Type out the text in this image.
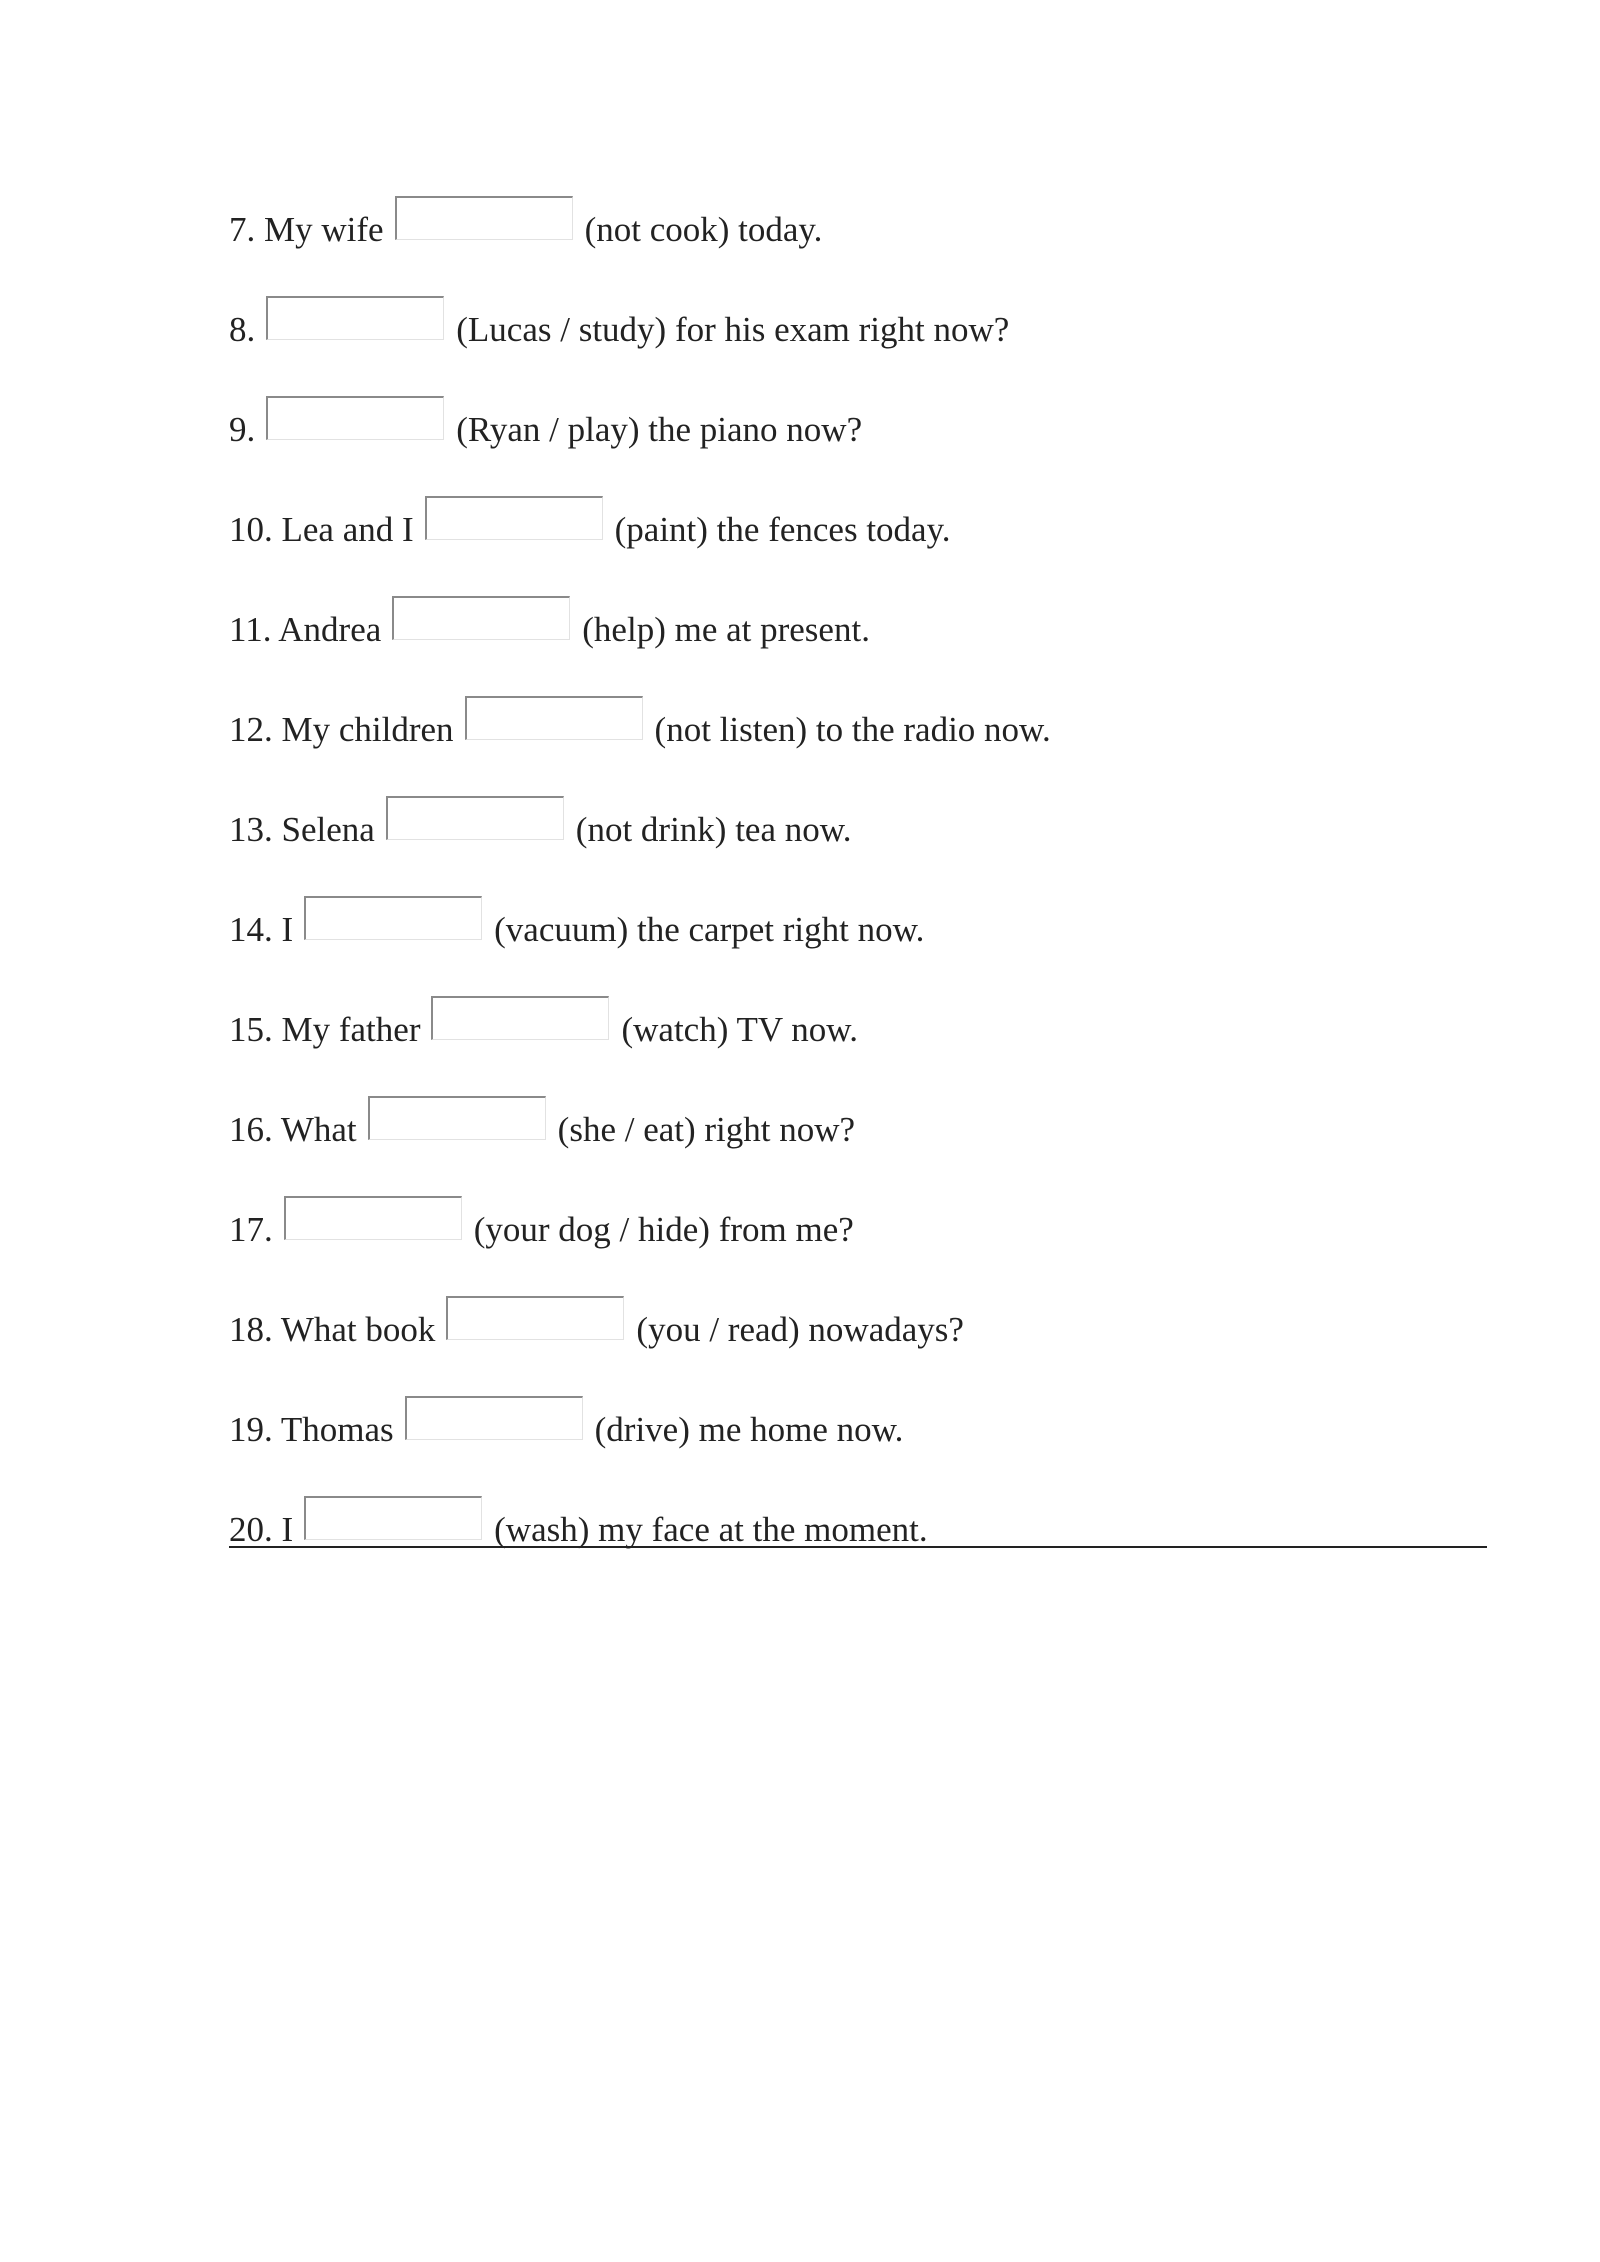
7. My wife	(not cook) today.
8.	(Lucas / study) for his exam right now?
9.	(Ryan / play) the piano now?
10. Lea and I	(paint) the fences today.
11. Andrea	(help) me at present.
12. My children	(not listen) to the radio now.
13. Selena	(not drink) tea now.
14. I	(vacuum) the carpet right now.
15. My father	(watch) TV now.
16. What	(she / eat) right now?
17.	(your dog / hide) from me?
18. What book	(you / read) nowadays?
19. Thomas	(drive) me home now.
20. I	(wash) my face at the moment.
